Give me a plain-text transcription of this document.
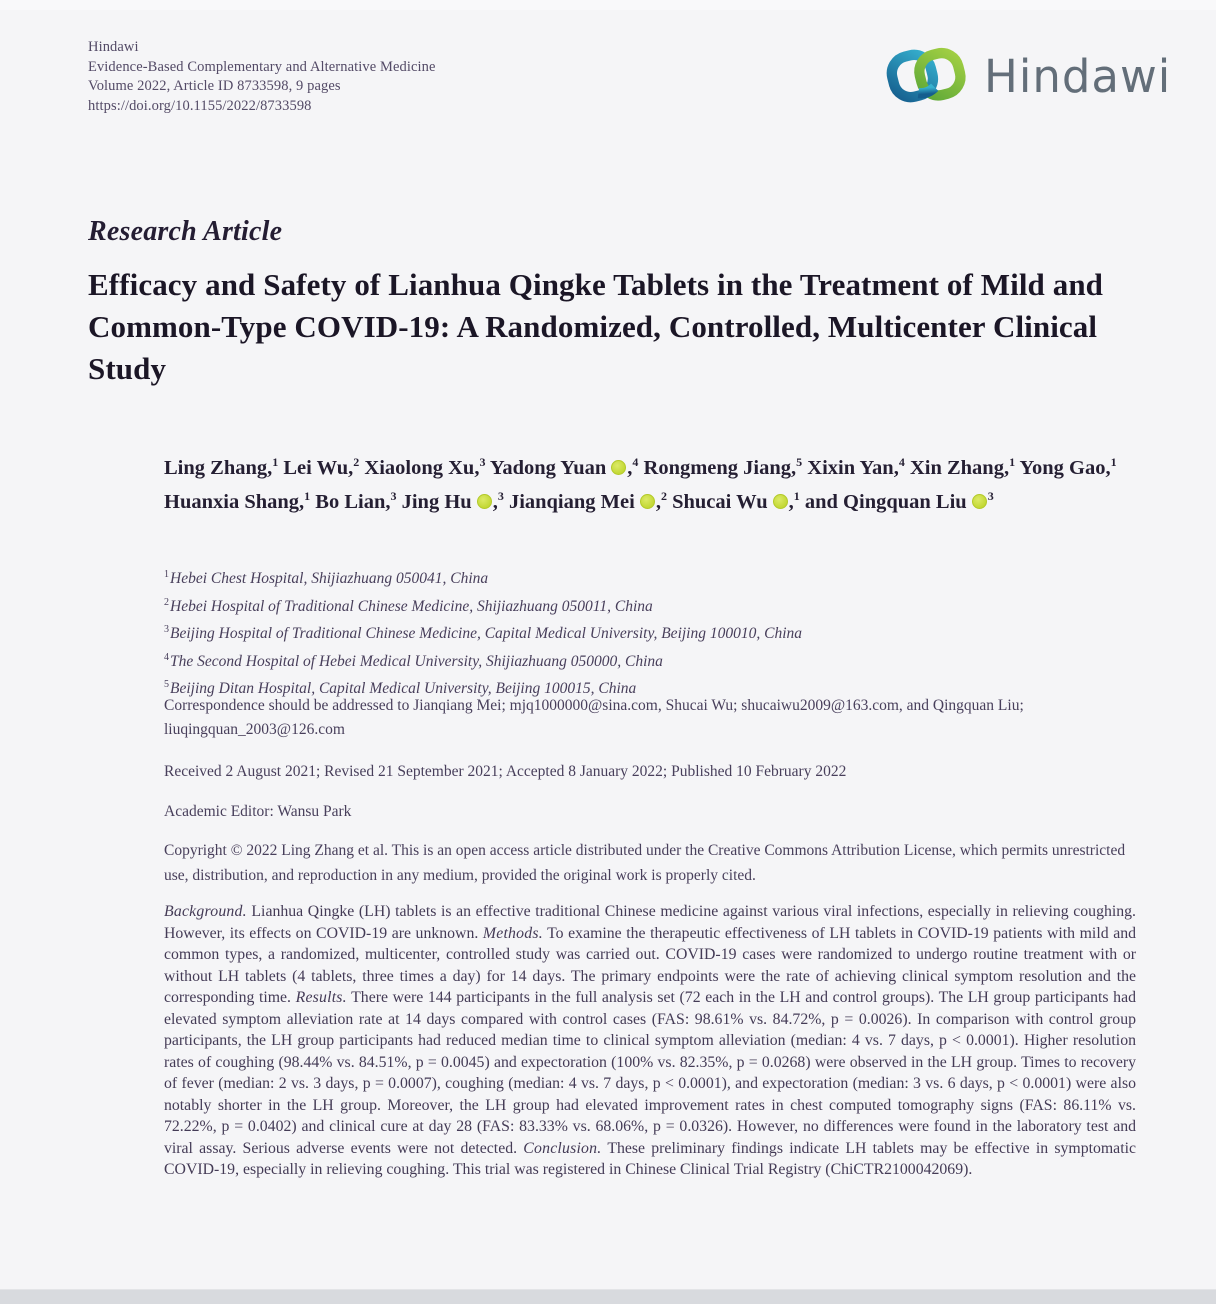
Hindawi
Evidence-Based Complementary and Alternative Medicine
Volume 2022, Article ID 8733598, 9 pages
https://doi.org/10.1155/2022/8733598
Hindawi
Research Article
Efficacy and Safety of Lianhua Qingke Tablets in the Treatment of Mild and Common-Type COVID-19: A Randomized, Controlled, Multicenter Clinical Study
Ling Zhang,$^1$ Lei Wu,$^2$ Xiaolong Xu,$^3$ Yadong Yuan ,$^4$ Rongmeng Jiang,$^5$ Xixin Yan,$^4$ Xin Zhang,$^1$ Yong Gao,$^1$ Huanxia Shang,$^1$ Bo Lian,$^3$ Jing Hu ,$^3$ Jianqiang Mei ,$^2$ Shucai Wu ,$^1$ and Qingquan Liu $^3$
$^1$Hebei Chest Hospital, Shijiazhuang 050041, China
$^2$Hebei Hospital of Traditional Chinese Medicine, Shijiazhuang 050011, China
$^3$Beijing Hospital of Traditional Chinese Medicine, Capital Medical University, Beijing 100010, China
$^4$The Second Hospital of Hebei Medical University, Shijiazhuang 050000, China
$^5$Beijing Ditan Hospital, Capital Medical University, Beijing 100015, China
Correspondence should be addressed to Jianqiang Mei; mjq1000000@sina.com, Shucai Wu; shucaiwu2009@163.com, and Qingquan Liu; liuqingquan_2003@126.com
Received 2 August 2021; Revised 21 September 2021; Accepted 8 January 2022; Published 10 February 2022
Academic Editor: Wansu Park
Copyright © 2022 Ling Zhang et al. This is an open access article distributed under the Creative Commons Attribution License, which permits unrestricted use, distribution, and reproduction in any medium, provided the original work is properly cited.
Background. Lianhua Qingke (LH) tablets is an effective traditional Chinese medicine against various viral infections, especially in relieving coughing. However, its effects on COVID-19 are unknown. Methods. To examine the therapeutic effectiveness of LH tablets in COVID-19 patients with mild and common types, a randomized, multicenter, controlled study was carried out. COVID-19 cases were randomized to undergo routine treatment with or without LH tablets (4 tablets, three times a day) for 14 days. The primary endpoints were the rate of achieving clinical symptom resolution and the corresponding time. Results. There were 144 participants in the full analysis set (72 each in the LH and control groups). The LH group participants had elevated symptom alleviation rate at 14 days compared with control cases (FAS: 98.61% vs. 84.72%, p = 0.0026). In comparison with control group participants, the LH group participants had reduced median time to clinical symptom alleviation (median: 4 vs. 7 days, p < 0.0001). Higher resolution rates of coughing (98.44% vs. 84.51%, p = 0.0045) and expectoration (100% vs. 82.35%, p = 0.0268) were observed in the LH group. Times to recovery of fever (median: 2 vs. 3 days, p = 0.0007), coughing (median: 4 vs. 7 days, p < 0.0001), and expectoration (median: 3 vs. 6 days, p < 0.0001) were also notably shorter in the LH group. Moreover, the LH group had elevated improvement rates in chest computed tomography signs (FAS: 86.11% vs. 72.22%, p = 0.0402) and clinical cure at day 28 (FAS: 83.33% vs. 68.06%, p = 0.0326). However, no differences were found in the laboratory test and viral assay. Serious adverse events were not detected. Conclusion. These preliminary findings indicate LH tablets may be effective in symptomatic COVID-19, especially in relieving coughing. This trial was registered in Chinese Clinical Trial Registry (ChiCTR2100042069).
